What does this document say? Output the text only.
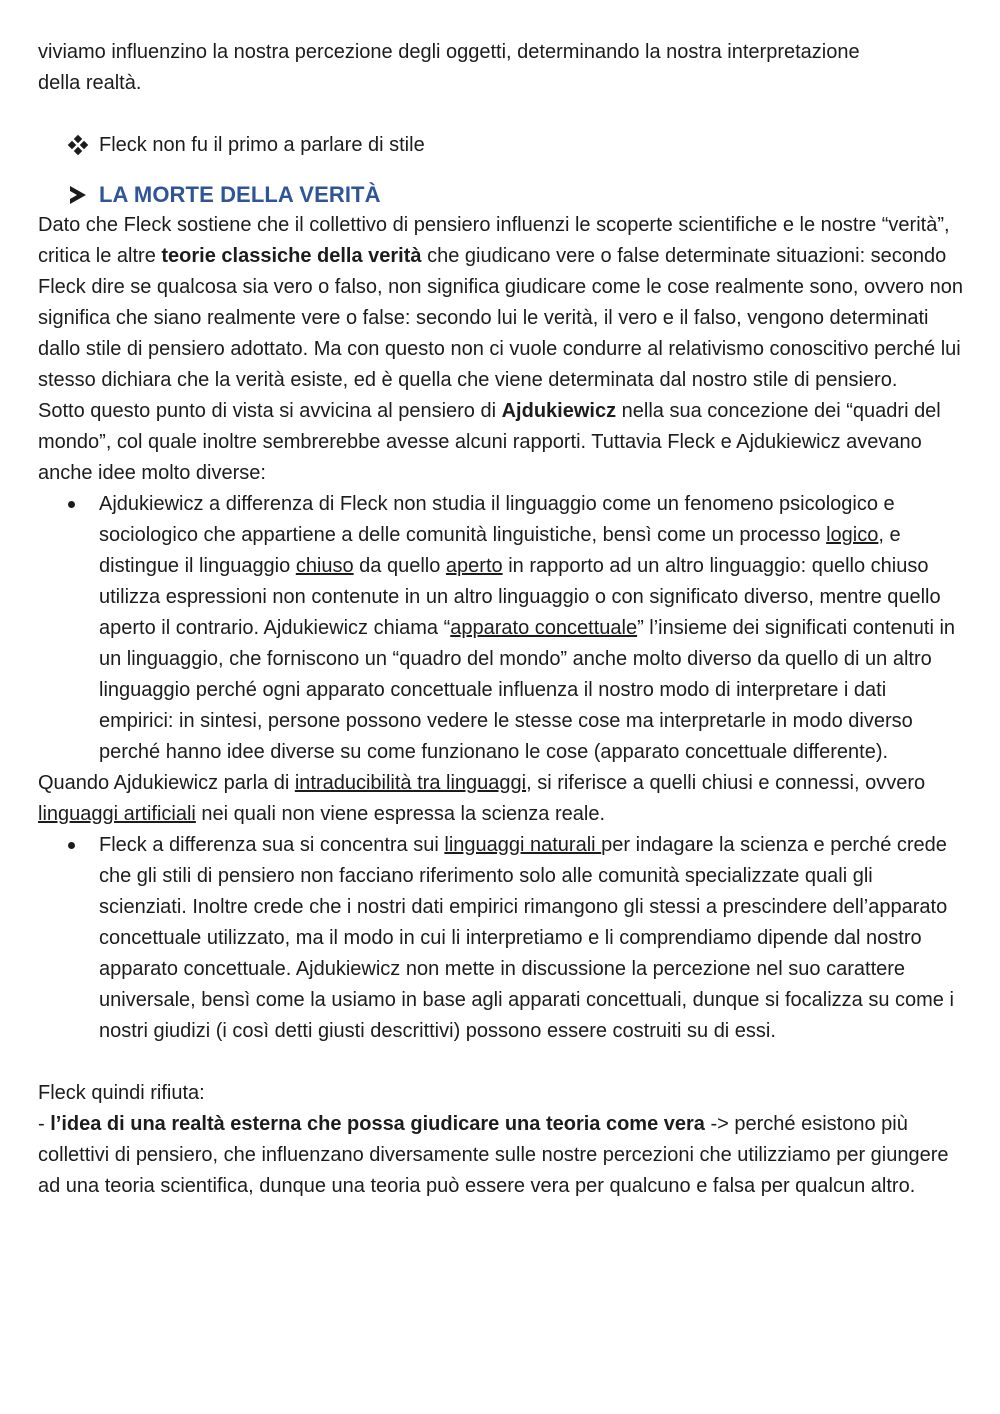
viviamo influenzino la nostra percezione degli oggetti, determinando la nostra interpretazione
della realtà.

Fleck non fu il primo a parlare di stile
LA MORTE DELLA VERITÀ

Dato che Fleck sostiene che il collettivo di pensiero influenzi le scoperte scientifiche e le nostre “verità”, critica le altre teorie classiche della verità che giudicano vere o false determinate situazioni: secondo Fleck dire se qualcosa sia vero o falso, non significa giudicare come le cose realmente sono, ovvero non significa che siano realmente vere o false: secondo lui le verità, il vero e il falso, vengono determinati dallo stile di pensiero adottato. Ma con questo non ci vuole condurre al relativismo conoscitivo perché lui stesso dichiara che la verità esiste, ed è quella che viene determinata dal nostro stile di pensiero.

Sotto questo punto di vista si avvicina al pensiero di Ajdukiewicz nella sua concezione dei “quadri del mondo”, col quale inoltre sembrerebbe avesse alcuni rapporti. Tuttavia Fleck e Ajdukiewicz avevano anche idee molto diverse:

Ajdukiewicz a differenza di Fleck non studia il linguaggio come un fenomeno psicologico e sociologico che appartiene a delle comunità linguistiche, bensì come un processo logico, e distingue il linguaggio chiuso da quello aperto in rapporto ad un altro linguaggio: quello chiuso utilizza espressioni non contenute in un altro linguaggio o con significato diverso, mentre quello aperto il contrario. Ajdukiewicz chiama “apparato concettuale” l’insieme dei significati contenuti in un linguaggio, che forniscono un “quadro del mondo” anche molto diverso da quello di un altro linguaggio perché ogni apparato concettuale influenza il nostro modo di interpretare i dati empirici: in sintesi, persone possono vedere le stesse cose ma interpretarle in modo diverso perché hanno idee diverse su come funzionano le cose (apparato concettuale differente).

Quando Ajdukiewicz parla di intraducibilità tra linguaggi, si riferisce a quelli chiusi e connessi, ovvero linguaggi artificiali nei quali non viene espressa la scienza reale.

Fleck a differenza sua si concentra sui linguaggi naturali per indagare la scienza e perché crede che gli stili di pensiero non facciano riferimento solo alle comunità specializzate quali gli scienziati. Inoltre crede che i nostri dati empirici rimangono gli stessi a prescindere dell’apparato concettuale utilizzato, ma il modo in cui li interpretiamo e li comprendiamo dipende dal nostro apparato concettuale. Ajdukiewicz non mette in discussione la percezione nel suo carattere universale, bensì come la usiamo in base agli apparati concettuali, dunque si focalizza su come i nostri giudizi (i così detti giusti descrittivi) possono essere costruiti su di essi.

Fleck quindi rifiuta:

- l’idea di una realtà esterna che possa giudicare una teoria come vera -> perché esistono più collettivi di pensiero, che influenzano diversamente sulle nostre percezioni che utilizziamo per giungere ad una teoria scientifica, dunque una teoria può essere vera per qualcuno e falsa per qualcun altro.
